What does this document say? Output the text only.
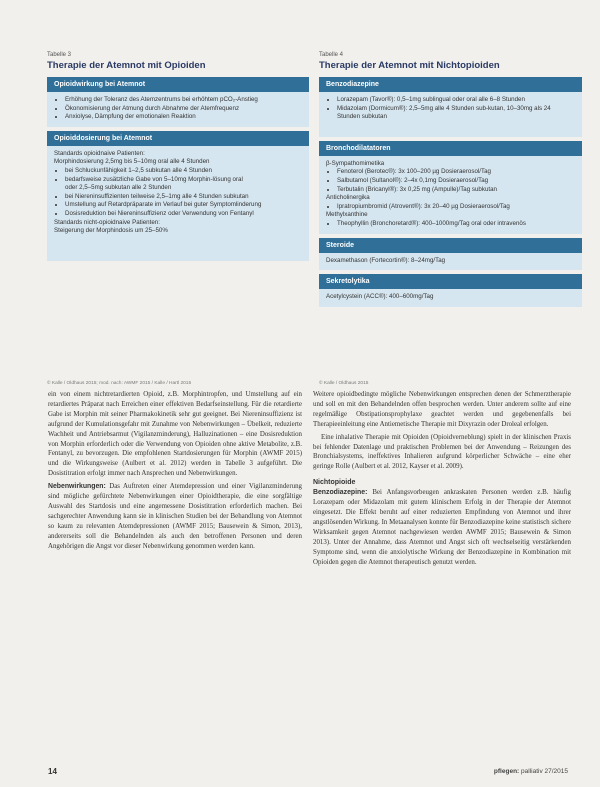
Tabelle 3
Therapie der Atemnot mit Opioiden
Opioidwirkung bei Atemnot
• Erhöhung der Toleranz des Atemzentrums bei erhöhtem pCO₂-Anstieg
• Ökonomisierung der Atmung durch Abnahme der Atemfrequenz
• Anxiolyse, Dämpfung der emotionalen Reaktion
Opioiddosierung bei Atemnot

Standards opioidnaive Patienten:

Morphindosierung 2,5mg bis 5–10mg oral alle 4 Stunden

• bei Schluckunfähigkeit 1–2,5 subkutan alle 4 Stunden
• bedarfsweise zusätzliche Gabe von 5–10mg Morphin-lösung oral
oder 2,5–5mg subkutan alle 2 Stunden
• bei Niereninsuffizienten teilweise 2,5–1mg alle 4 Stunden subkutan
• Umstellung auf Retardpräparate im Verlauf bei guter Symptomlinderung
• Dosisreduktion bei Niereninsuffizienz oder Verwendung von Fentanyl

Standards nicht-opioidnaive Patienten:

Steigerung der Morphindosis um 25–50%

© Kalle / Oldhaus 2015; mod. nach: AWMF 2015 / Kalle / Hartl 2015
Tabelle 4
Therapie der Atemnot mit Nichtopioiden
Benzodiazepine
• Lorazepam (Tavor®): 0,5–1mg sublingual oder oral alle 6–8 Stunden
• Midazolam (Dormicum®): 2,5–5mg alle 4 Stunden sub-kutan, 10–30mg als 24 Stunden subkutan
Bronchodilatatoren

β-Sympathomimetika

• Fenoterol (Berotec®): 3x 100–200 µg Dosieraerosol/Tag
• Salbutamol (Sultanol®): 2–4x 0,1mg Dosieraerosol/Tag
• Terbutalin (Bricanyl®): 3x 0,25 mg (Ampulle)/Tag subkutan

Anticholinergika

• Ipratropiumbromid (Atrovent®): 3x 20–40 µg Dosieraerosol/Tag

Methylxanthine

• Theophyllin (Bronchoretard®): 400–1000mg/Tag oral oder intravenös
Steroide

Dexamethason (Fortecortin®): 8–24mg/Tag

Sekretolytika

Acetylcystein (ACC®): 400–600mg/Tag

© Kalle / Oldhaus 2015

ein von einem nichtretardierten Opioid, z.B. Morphintropfen, und Umstellung auf ein retardiertes Präparat nach Erreichen einer effektiven Bedarfseinstellung. Für die retardierte Gabe ist Morphin mit seiner Pharmakokinetik sehr gut geeignet. Bei Niereninsuffizienz ist aufgrund der Kumulationsgefahr mit Zunahme von Nebenwirkungen – Übelkeit, reduzierte Wachheit und Antriebsarmut (Vigilanzminderung), Halluzinationen – eine Dosisreduktion von Morphin erforderlich oder die Verwendung von Opioiden ohne aktive Metabolite, z.B. Fentanyl, zu bevorzugen. Die empfohlenen Startdosierungen für Morphin (AWMF 2015) und die Wirkungsweise (Aulbert et al. 2012) werden in Tabelle 3 aufgeführt. Die Dosistitration erfolgt immer nach Ansprechen und Nebenwirkungen.

Nebenwirkungen: Das Auftreten einer Atemdepression und einer Vigilanzminderung sind mögliche gefürchtete Nebenwirkungen einer Opioidtherapie, die eine sorgfältige Auswahl des Startdosis und eine angemessene Dosistitration erforderlich machen. Bei sachgerechter Anwendung kann sie in klinischen Studien bei der Behandlung von Atemnot so kaum zu relevanten Atemdepressionen (AWMF 2015; Bausewein & Simon, 2013), andererseits soll die Behandelnden als auch den betroffenen Personen und deren Angehörigen die Angst vor dieser Nebenwirkung genommen werden kann.

Weitere opioidbedingte mögliche Nebenwirkungen entsprechen denen der Schmerztherapie und soll en mit den Behandelnden offen besprochen werden. Unter anderem sollte auf eine regelmäßige Obstipationsprophylaxe geachtet werden und gegebenenfalls bei Therapieeinleitung eine Antiemetische Therapie mit Dixyrazin oder Droleal erfolgen.

Eine inhalative Therapie mit Opioiden (Opioidverneblung) spielt in der klinischen Praxis bei fehlender Datenlage und praktischen Problemen bei der Anwendung – Reizungen des Bronchialsystems, ineffektives Inhalieren aufgrund körperlicher Schwäche – eine eher geringe Rolle (Aulbert et al. 2012, Kayser et al. 2009).

Nichtopioide

Benzodiazepine: Bei Anfangsvorbeugen ankraskaten Personen werden z.B. häufig Lorazepam oder Midazolam mit gutem klinischem Erfolg in der Therapie der Atemnot eingesetzt. Die Effekt beruht auf einer reduzierten Empfindung von Atemnot und ihrer angstlösenden Wirkung. In Metaanalysen konnte für Benzodiazepine keine statistisch sichere Wirksamkeit gegen Atemnot nachgewiesen werden AWMF 2015; Bausewein & Simon 2013). Unter der Annahme, dass Atemnot und Angst sich oft wechselseitig verstärkenden Symptome sind, wenn die anxiolytische Wirkung der Benzodiazepine in Kombination mit Opioiden gegen die Atemnot therapeutisch genutzt werden.

14	pflegen: palliativ 27/2015
